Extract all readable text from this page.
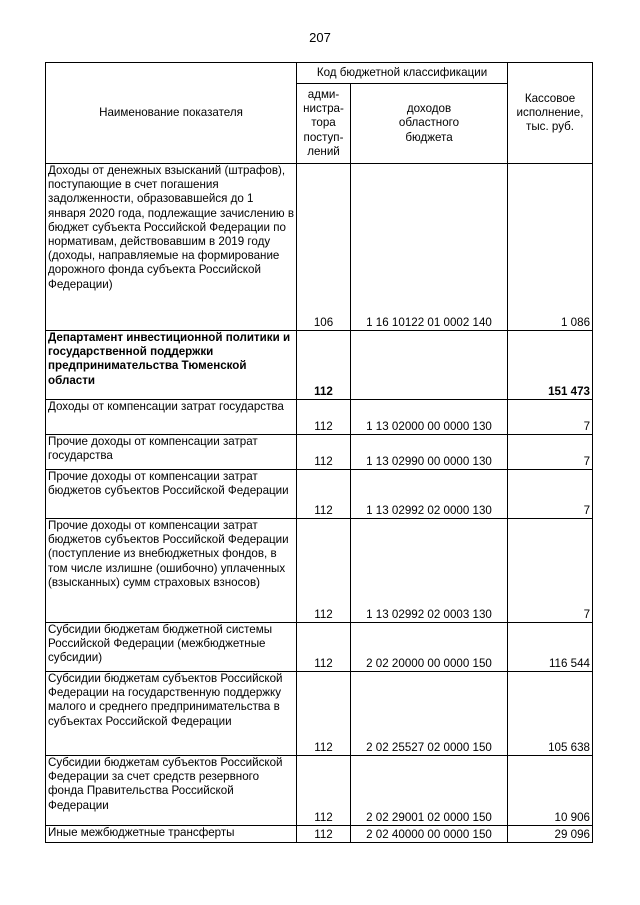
207
Наименование показателя	Код бюджетной классификации		Кассовое
исполнение,
тыс. руб.
	адми-
нистра-
тора
поступ-
лений	доходов
областного
бюджета	
Доходы от денежных взысканий (штрафов), поступающие в счет погашения задолженности, образовавшейся до 1 января 2020 года, подлежащие зачислению в бюджет субъекта Российской Федерации по нормативам, действовавшим в 2019 году (доходы, направляемые на формирование дорожного фонда субъекта Российской Федерации)	106	1 16 10122 01 0002 140	1 086
Департамент инвестиционной политики и государственной поддержки предпринимательства Тюменской области	112		151 473
Доходы от компенсации затрат государства	112	1 13 02000 00 0000 130	7
Прочие доходы от компенсации затрат государства	112	1 13 02990 00 0000 130	7
Прочие доходы от компенсации затрат бюджетов субъектов Российской Федерации	112	1 13 02992 02 0000 130	7
Прочие доходы от компенсации затрат бюджетов субъектов Российской Федерации (поступление из внебюджетных фондов, в том числе излишне (ошибочно) уплаченных (взысканных) сумм страховых взносов)	112	1 13 02992 02 0003 130	7
Субсидии бюджетам бюджетной системы Российской Федерации (межбюджетные субсидии)	112	2 02 20000 00 0000 150	116 544
Субсидии бюджетам субъектов Российской Федерации на государственную поддержку малого и среднего предпринимательства в субъектах Российской Федерации	112	2 02 25527 02 0000 150	105 638
Субсидии бюджетам субъектов Российской Федерации за счет средств резервного фонда Правительства Российской Федерации	112	2 02 29001 02 0000 150	10 906
Иные межбюджетные трансферты	112	2 02 40000 00 0000 150	29 096
